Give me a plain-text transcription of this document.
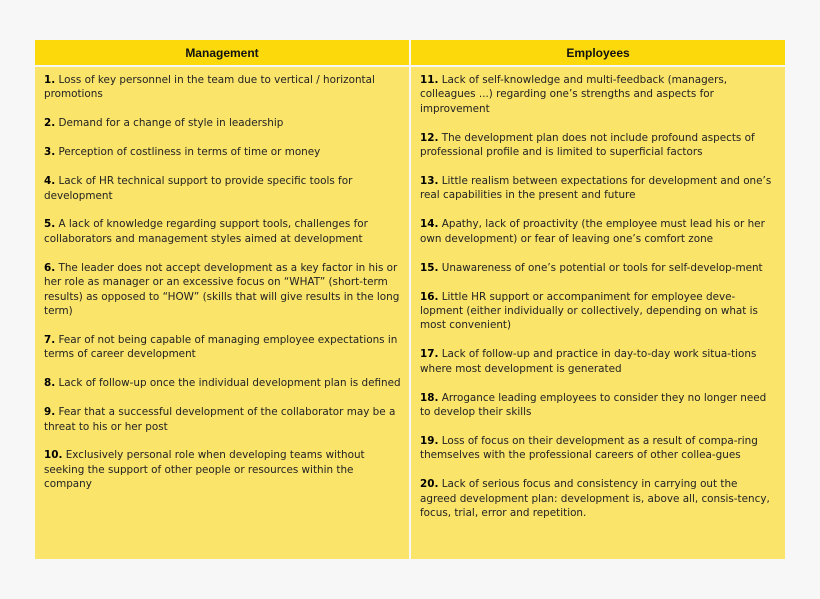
Management	Employees
1. Loss of key personnel in the team due to vertical / horizontal promotions
2. Demand for a change of style in leadership
3. Perception of costliness in terms of time or money
4. Lack of HR technical support to provide specific tools for development
5. A lack of knowledge regarding support tools, challenges for collaborators and management styles aimed at development
6. The leader does not accept development as a key factor in his or her role as manager or an excessive focus on “WHAT” (short-term results) as opposed to “HOW” (skills that will give results in the long term)
7. Fear of not being capable of managing employee expectations in terms of career development
8. Lack of follow-up once the individual development plan is defined
9. Fear that a successful development of the collaborator may be a threat to his or her post
10. Exclusively personal role when developing teams without seeking the support of other people or resources within the company
11. Lack of self-knowledge and multi-feedback (managers, colleagues ...) regarding one’s strengths and aspects for improvement
12. The development plan does not include profound aspects of professional profile and is limited to superficial factors
13. Little realism between expectations for development and one’s real capabilities in the present and future
14. Apathy, lack of proactivity (the employee must lead his or her own development) or fear of leaving one’s comfort zone
15. Unawareness of one’s potential or tools for self-develop-ment
16. Little HR support or accompaniment for employee deve-lopment (either individually or collectively, depending on what is most convenient)
17. Lack of follow-up and practice in day-to-day work situa-tions where most development is generated
18. Arrogance leading employees to consider they no longer need to develop their skills
19. Loss of focus on their development as a result of compa-ring themselves with the professional careers of other collea-gues
20. Lack of serious focus and consistency in carrying out the agreed development plan: development is, above all, consis-tency, focus, trial, error and repetition.
